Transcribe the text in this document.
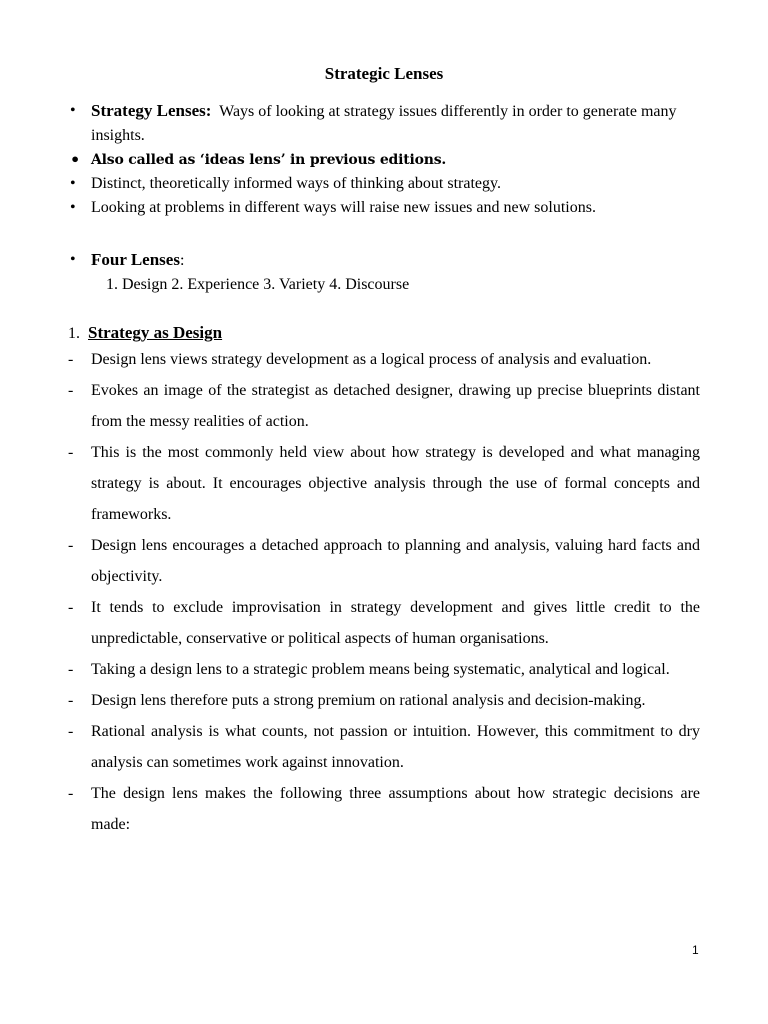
Strategic Lenses
• Strategy Lenses: Ways of looking at strategy issues differently in order to generate many insights.
• Also called as ‘ideas lens’ in previous editions.
• Distinct, theoretically informed ways of thinking about strategy.
• Looking at problems in different ways will raise new issues and new solutions.
• Four Lenses:
1. Design 2. Experience 3. Variety 4. Discourse
1. Strategy as Design
- Design lens views strategy development as a logical process of analysis and evaluation.
- Evokes an image of the strategist as detached designer, drawing up precise blueprints distant from the messy realities of action.
- This is the most commonly held view about how strategy is developed and what managing strategy is about. It encourages objective analysis through the use of formal concepts and frameworks.
- Design lens encourages a detached approach to planning and analysis, valuing hard facts and objectivity.
- It tends to exclude improvisation in strategy development and gives little credit to the unpredictable, conservative or political aspects of human organisations.
- Taking a design lens to a strategic problem means being systematic, analytical and logical.
- Design lens therefore puts a strong premium on rational analysis and decision-making.
- Rational analysis is what counts, not passion or intuition. However, this commitment to dry analysis can sometimes work against innovation.
- The design lens makes the following three assumptions about how strategic decisions are made:
1
